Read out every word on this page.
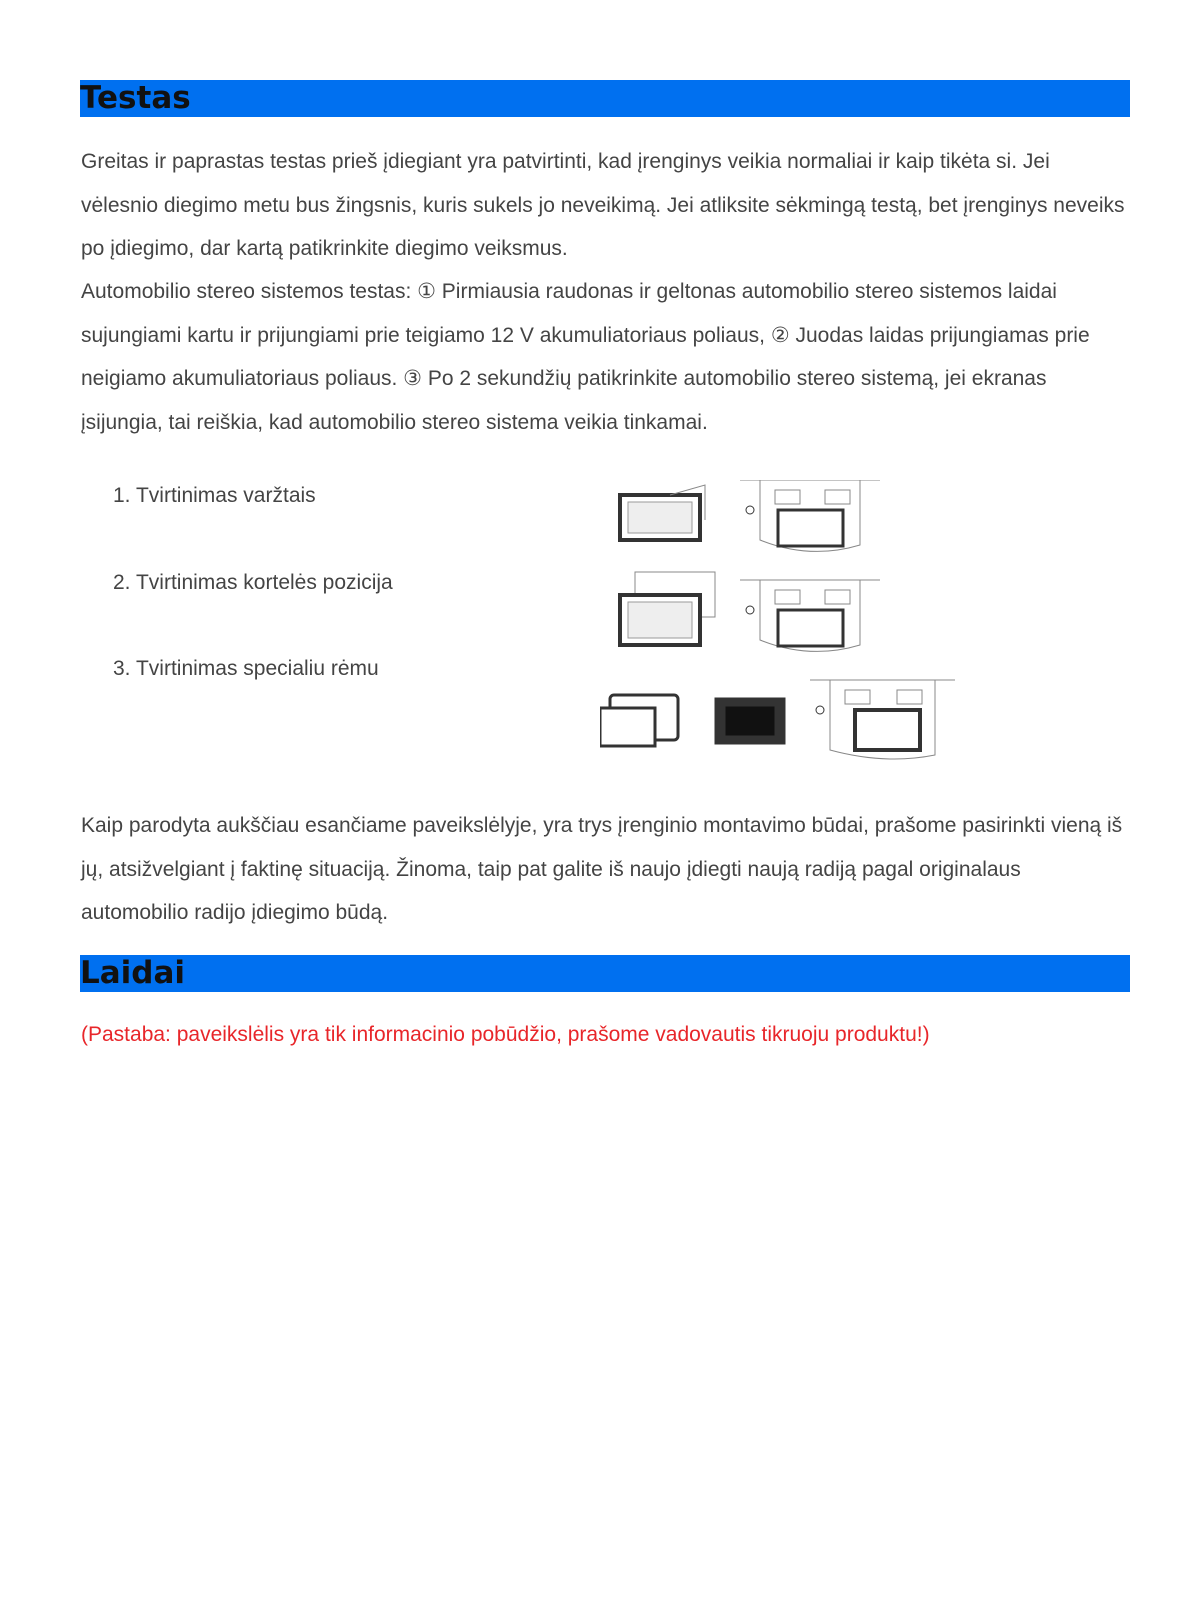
Testas
Greitas ir paprastas testas prieš̌ įdiegiant yra patvirtinti, kad įrenginys veikia normaliai ir kaip tikėta si. Jei vėlesnio diegimo metu bus žingsnis, kuris sukels jo neveikimą. Jei atliksite sėkmingą testą, bet įrenginys neveiks po įdiegimo, dar kartą patikrinkite diegimo veiksmus.
Automobilio stereo sistemos testas: ① Pirmiausia raudonas ir geltonas automobilio stereo sistemos laidai sujungiami kartu ir prijungiami prie teigiamo 12 V akumuliatoriaus poliaus, ② Juodas laidas prijungiamas prie neigiamo akumuliatoriaus poliaus. ③ Po 2 sekundžių patikrinkite automobilio stereo sistemą, jei ekranas įsijungia, tai reiškia, kad automobilio stereo sistema veikia tinkamai.
1. Tvirtinimas varžtais
2. Tvirtinimas kortelės pozicija
3. Tvirtinimas specialiu rėmu
Kaip parodyta aukščiau esančiame paveikslėlyje, yra trys įrenginio montavimo būdai, prašome pasirinkti vieną iš jų, atsižvelgiant į faktinę situaciją. Žinoma, taip pat galite iš naujo įdiegti naują radiją pagal originalaus automobilio radijo įdiegimo būdą.
Laidai
(Pastaba: paveikslėlis yra tik informacinio pobūdžio, prašome vadovautis tikruoju produktu!)
